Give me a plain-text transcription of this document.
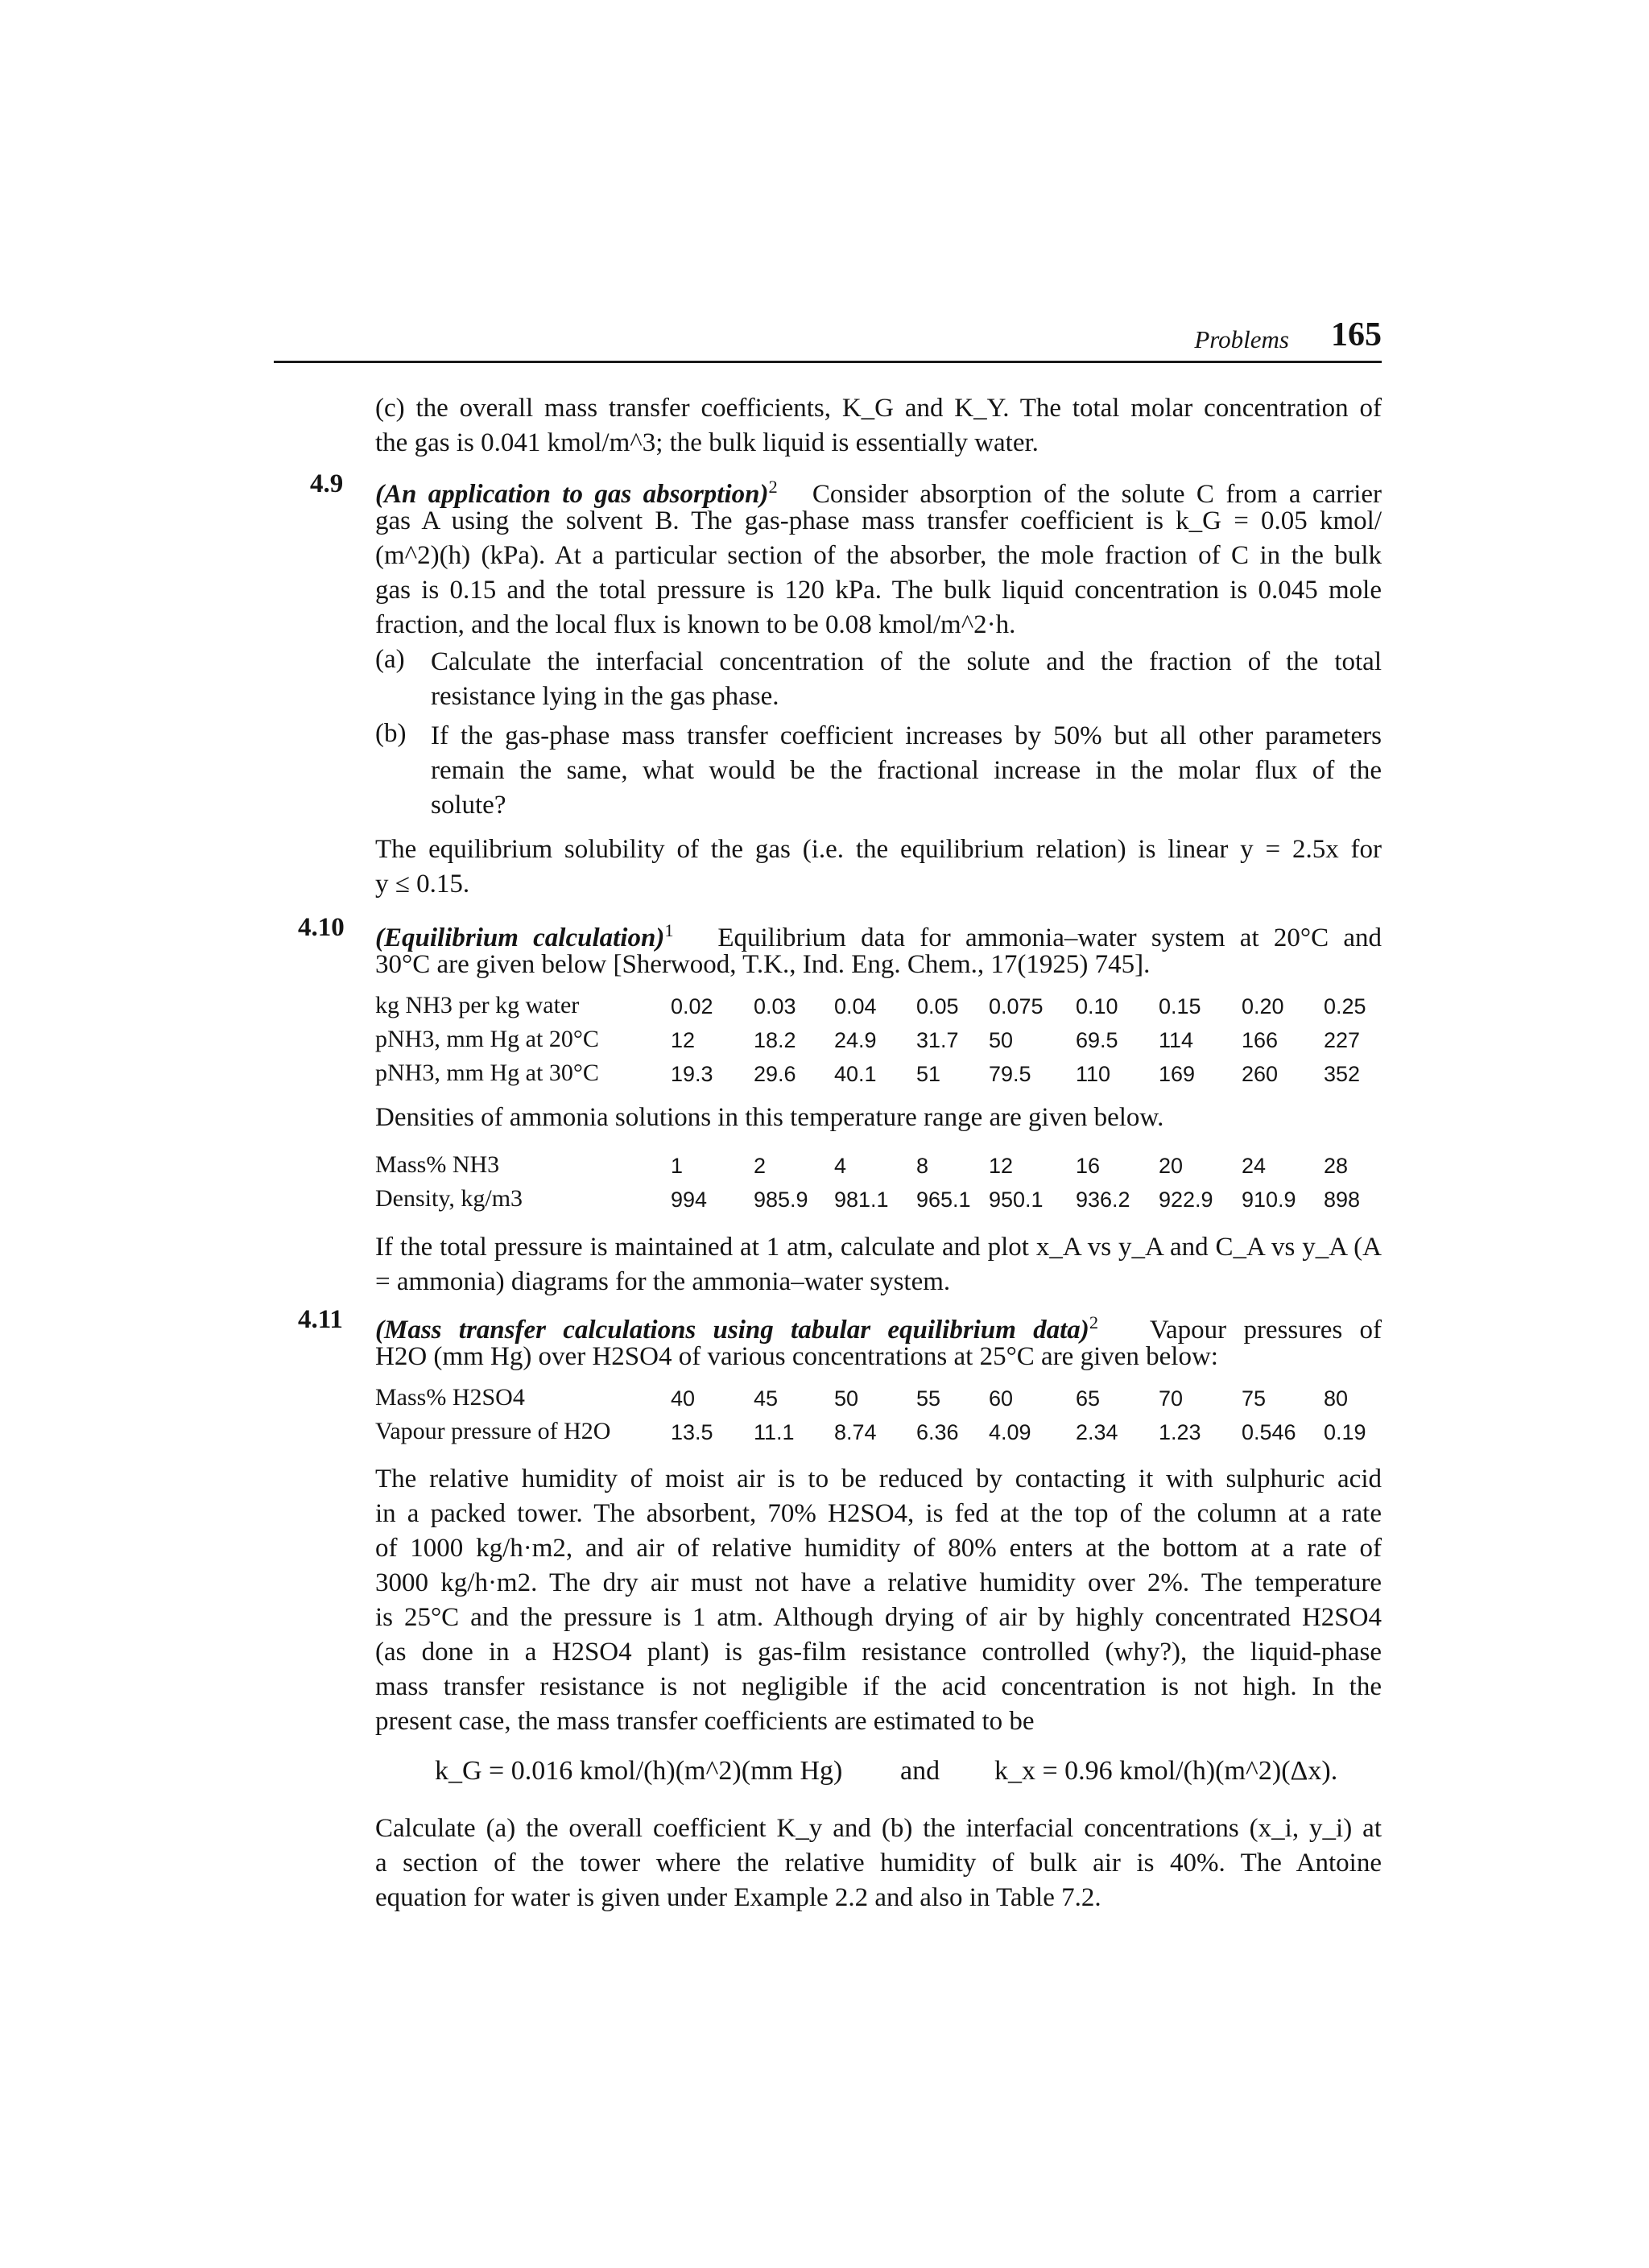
Problems 165
(c) the overall mass transfer coefficients, K_G and K_Y. The total molar concentration of
the gas is 0.041 kmol/m^3; the bulk liquid is essentially water.
4.9 (An application to gas absorption)$^2$ Consider absorption of the solute C from a carrier
gas A using the solvent B. The gas-phase mass transfer coefficient is k_G = 0.05 kmol/
(m^2)(h) (kPa). At a particular section of the absorber, the mole fraction of C in the bulk
gas is 0.15 and the total pressure is 120 kPa. The bulk liquid concentration is 0.045 mole
fraction, and the local flux is known to be 0.08 kmol/m^2·h.
(a) Calculate the interfacial concentration of the solute and the fraction of the total
resistance lying in the gas phase.
(b) If the gas-phase mass transfer coefficient increases by 50% but all other parameters
remain the same, what would be the fractional increase in the molar flux of the
solute?
The equilibrium solubility of the gas (i.e. the equilibrium relation) is linear y = 2.5x for
y ≤ 0.15.
4.10 (Equilibrium calculation)$^1$ Equilibrium data for ammonia–water system at 20°C and
30°C are given below [Sherwood, T.K., Ind. Eng. Chem., 17(1925) 745].
kg NH3 per kg water	0.02 0.03 0.04 0.05 0.075 0.10 0.15 0.20 0.25
pNH3, mm Hg at 20°C	12	18.2 24.9 31.7 50	69.5 114 166 227
pNH3, mm Hg at 30°C	19.3 29.6 40.1 51 79.5 110 169 260 352
Densities of ammonia solutions in this temperature range are given below.
Mass% NH3	1	2	4	8	12	16	20	24	28
Density, kg/m3	994 985.9 981.1 965.1 950.1 936.2 922.9 910.9 898
If the total pressure is maintained at 1 atm, calculate and plot x_A vs y_A and C_A vs y_A (A
= ammonia) diagrams for the ammonia–water system.
4.11 (Mass transfer calculations using tabular equilibrium data)$^2$ Vapour pressures of
H2O (mm Hg) over H2SO4 of various concentrations at 25°C are given below:
Mass% H2SO4	40	45	50	55 60	65	70	75	80
Vapour pressure of H2O	13.5 11.1 8.74 6.36 4.09 2.34 1.23 0.546 0.19
The relative humidity of moist air is to be reduced by contacting it with sulphuric acid
in a packed tower. The absorbent, 70% H2SO4, is fed at the top of the column at a rate
of 1000 kg/h·m2, and air of relative humidity of 80% enters at the bottom at a rate of
3000 kg/h·m2. The dry air must not have a relative humidity over 2%. The temperature
is 25°C and the pressure is 1 atm. Although drying of air by highly concentrated H2SO4
(as done in a H2SO4 plant) is gas-film resistance controlled (why?), the liquid-phase
mass transfer resistance is not negligible if the acid concentration is not high. In the
present case, the mass transfer coefficients are estimated to be
k_G = 0.016 kmol/(h)(m^2)(mm Hg) and k_x = 0.96 kmol/(h)(m^2)(Δx).
Calculate (a) the overall coefficient K_y and (b) the interfacial concentrations (x_i, y_i) at
a section of the tower where the relative humidity of bulk air is 40%. The Antoine
equation for water is given under Example 2.2 and also in Table 7.2.
